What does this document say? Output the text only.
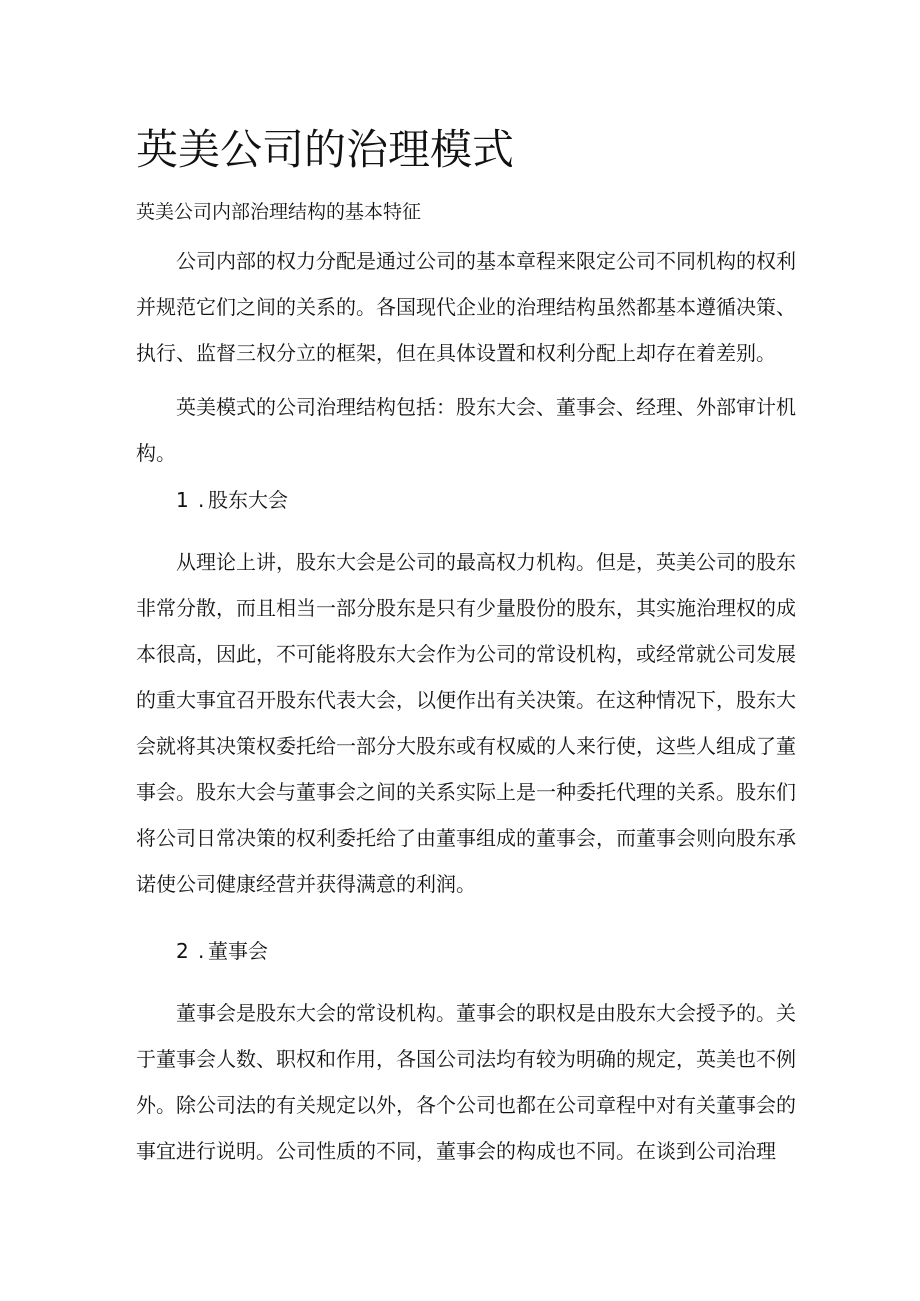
英美公司的治理模式

英美公司内部治理结构的基本特征

公司内部的权力分配是通过公司的基本章程来限定公司不同机构的权利并规范它们之间的关系的。各国现代企业的治理结构虽然都基本遵循决策、执行、监督三权分立的框架，但在具体设置和权利分配上却存在着差别。

英美模式的公司治理结构包括：股东大会、董事会、经理、外部审计机构。

1 . 股东大会

从理论上讲，股东大会是公司的最高权力机构。但是，英美公司的股东非常分散，而且相当一部分股东是只有少量股份的股东，其实施治理权的成本很高，因此，不可能将股东大会作为公司的常设机构，或经常就公司发展的重大事宜召开股东代表大会，以便作出有关决策。在这种情况下，股东大会就将其决策权委托给一部分大股东或有权威的人来行使，这些人组成了董事会。股东大会与董事会之间的关系实际上是一种委托代理的关系。股东们将公司日常决策的权利委托给了由董事组成的董事会，而董事会则向股东承诺使公司健康经营并获得满意的利润。

2 . 董事会

董事会是股东大会的常设机构。董事会的职权是由股东大会授予的。关于董事会人数、职权和作用，各国公司法均有较为明确的规定，英美也不例外。除公司法的有关规定以外，各个公司也都在公司章程中对有关董事会的事宜进行说明。公司性质的不同，董事会的构成也不同。在谈到公司治理
